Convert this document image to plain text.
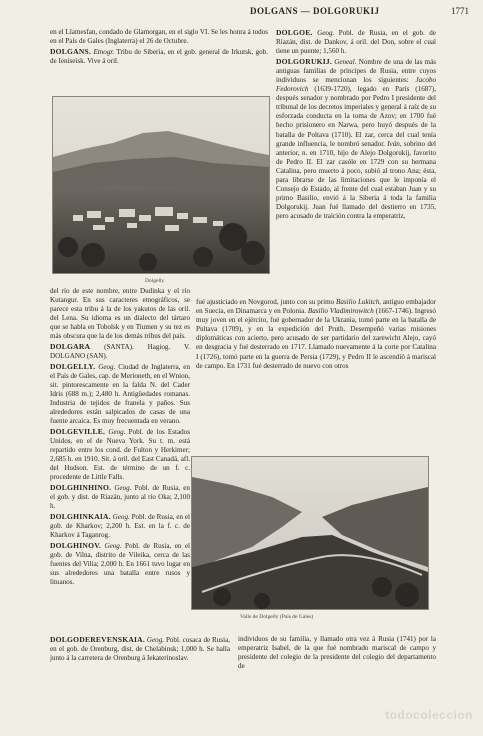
DOLGANS — DOLGORUKIJ	1771

en el Llamesfan, condado de Glamorgan, en el siglo VI. Se les honra á todos en el País de Gales (Inglaterra) el 26 de Octubre.

DOLGANS. Etnogr. Tribu de Siberia, en el gob. general de Irkutsk, gob. de Ieniseisk. Vive á oril.

Dolgelly

del río de este nombre, entre Dudinka y el río Kutangur. En sus caracteres etnográficos, se parece esta tribu á la de los yakutos de las oril. del Lena. Su idioma es un dialecto del tártaro que se habla en Tobolsk y en Tiumen y su tez es más obscura que la de los demás tribus del país.

DOLGARA (SANTA). Hagiog. V. DOLGANO (SAN).

DOLGELLY. Geog. Ciudad de Inglaterra, en el País de Gales, cap. de Merioneth, en el Wnion, sit. pintorescamente en la falda N. del Cader Idris (688 m.); 2,480 h. Antigüedades romanas. Industria de tejidos de franela y paños. Sus alrededores están salpicados de casas de una fuente arcaica. Es muy frecuentada en verano.

DOLGEVILLE. Geog. Pobl. de los Estados Unidos, en el de Nueva York. Su t. m. está repartido entre los cond. de Fulton y Herkimer; 2,685 h. en 1910. Sit. á oril. del East Canadá, afl. del Hudson. Est. de término de un f. c. procedente de Little Falls.

DOLGHINHINO. Geog. Pobl. de Rusia, en el gob. y dist. de Riazán, junto al río Oka; 2,100 h.

DOLGHINKAIA. Geog. Pobl. de Rusia, en el gob. de Kharkov; 2,200 h. Est. en la f. c. de Kharkov á Taganrog.

DOLGHINOV. Geog. Pobl. de Rusia, en el gob. de Vilna, distrito de Vileika, cerca de las fuentes del Vilia; 2,000 h. En 1661 tuvo lugar en sus alrededores una batalla entre rusos y lituanos.

DOLGOE. Geog. Pobl. de Rusia, en el gob. de Riazán, dist. de Dankov, á oril. del Don, sobre el cual tiene un puente; 1,560 h.

DOLGORUKIJ. Geneal. Nombre de una de las más antiguas familias de príncipes de Rusia, entre cuyos individuos se mencionan los siguientes: Jacobo Fedorovich (1639-1720), legado en París (1687), después senador y nombrado por Pedro I presidente del tribunal de los decretos imperiales y general á raíz de su esforzada conducta en la toma de Azov; en 1700 fué hecho prisionero en Narwa, pero huyó después de la batalla de Poltava (1710). El zar, cerca del cual tenía grande influencia, le nombró senador. Iván, sobrino del anterior, n. en 1710, hijo de Alejo Dolgorukij, favorito de Pedro II. El zar casóle en 1729 con su hermana Catalina, pero muerto á poco, subió al trono Ana; ésta, para librarse de las limitaciones que le imponía el Consejo de Estado, al frente del cual estaban Juan y su primo Basilio, envió á la Siberia á toda la familia Dolgorukij. Juan fué llamado del destierro en 1735, pero acusado de traición contra la emperatriz,

fué ajusticiado en Novgorod, junto con su primo Basilio Lukitch, antiguo embajador en Suecia, en Dinamarca y en Polonia. Basilio Vladimirowitch (1667-1746). Ingresó muy joven en el ejército, fué gobernador de la Ukrania, tomó parte en la batalla de Pultava (1709), y en la expedición del Pruth. Desempeñó varias misiones diplomáticas con acierto, pero acusado de ser partidario del zarewicht Alejo, cayó en desgracia y fué desterrado en 1717. Llamado nuevamente á la corte por Catalina I (1726), tomó parte en la guerra de Persia (1729), y Pedro II le ascendió á mariscal de campo. En 1731 fué desterrado de nuevo con otros

Valle de Dolgelly (País de Gales)

DOLGODEREVENSKAIA. Geog. Pobl. cosaca de Rusia, en el gob. de Orenburg, dist. de Chelabinsk; 1,000 h. Se halla junto á la carretera de Orenburg á Iekaterinoslav.

individuos de su familia, y llamado otra vez á Rusia (1741) por la emperatriz Isabel, de la que fué nombrado mariscal de campo y presidente del colegio de la presidente del colegio del departamento de

todocoleccion
